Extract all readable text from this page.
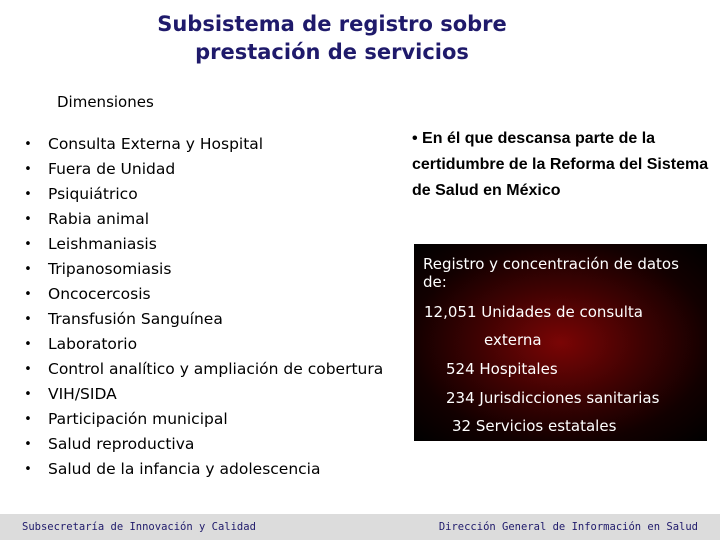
Subsistema de registro sobre
prestación de servicios
Dimensiones
• Consulta Externa y Hospital
• Fuera de Unidad
• Psiquiátrico
• Rabia animal
• Leishmaniasis
• Tripanosomiasis
• Oncocercosis
• Transfusión Sanguínea
• Laboratorio
• Control analítico y ampliación de cobertura
• VIH/SIDA
• Participación municipal
• Salud reproductiva
• Salud de la infancia y adolescencia
• En él que descansa parte de la certidumbre de la Reforma del Sistema de Salud en México
Registro y concentración de datos de:
12,051 Unidades de consulta
externa
524 Hospitales
234 Jurisdicciones sanitarias
32 Servicios estatales
Subsecretaría de Innovación y Calidad	Dirección General de Información en Salud
